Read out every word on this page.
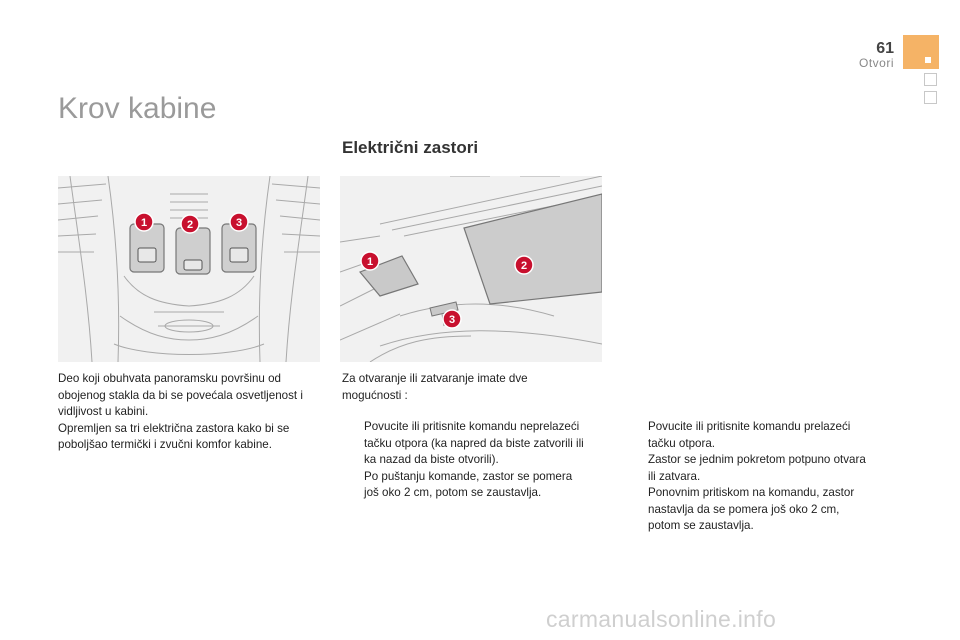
61
Otvori
Krov kabine
Električni zastori
1	2	3
1	2
3
Deo koji obuhvata panoramsku površinu od
obojenog stakla da bi se povećala osvetljenost i
vidljivost u kabini.
Opremljen sa tri električna zastora kako bi se
poboljšao termički i zvučni komfor kabine.
Za otvaranje ili zatvaranje imate dve
mogućnosti :
Povucite ili pritisnite komandu neprelazeći
tačku otpora (ka napred da biste zatvorili ili
ka nazad da biste otvorili).
Po puštanju komande, zastor se pomera
još oko 2 cm, potom se zaustavlja.
Povucite ili pritisnite komandu prelazeći
tačku otpora.
Zastor se jednim pokretom potpuno otvara
ili zatvara.
Ponovnim pritiskom na komandu, zastor
nastavlja da se pomera još oko 2 cm,
potom se zaustavlja.
carmanualsonline.info
